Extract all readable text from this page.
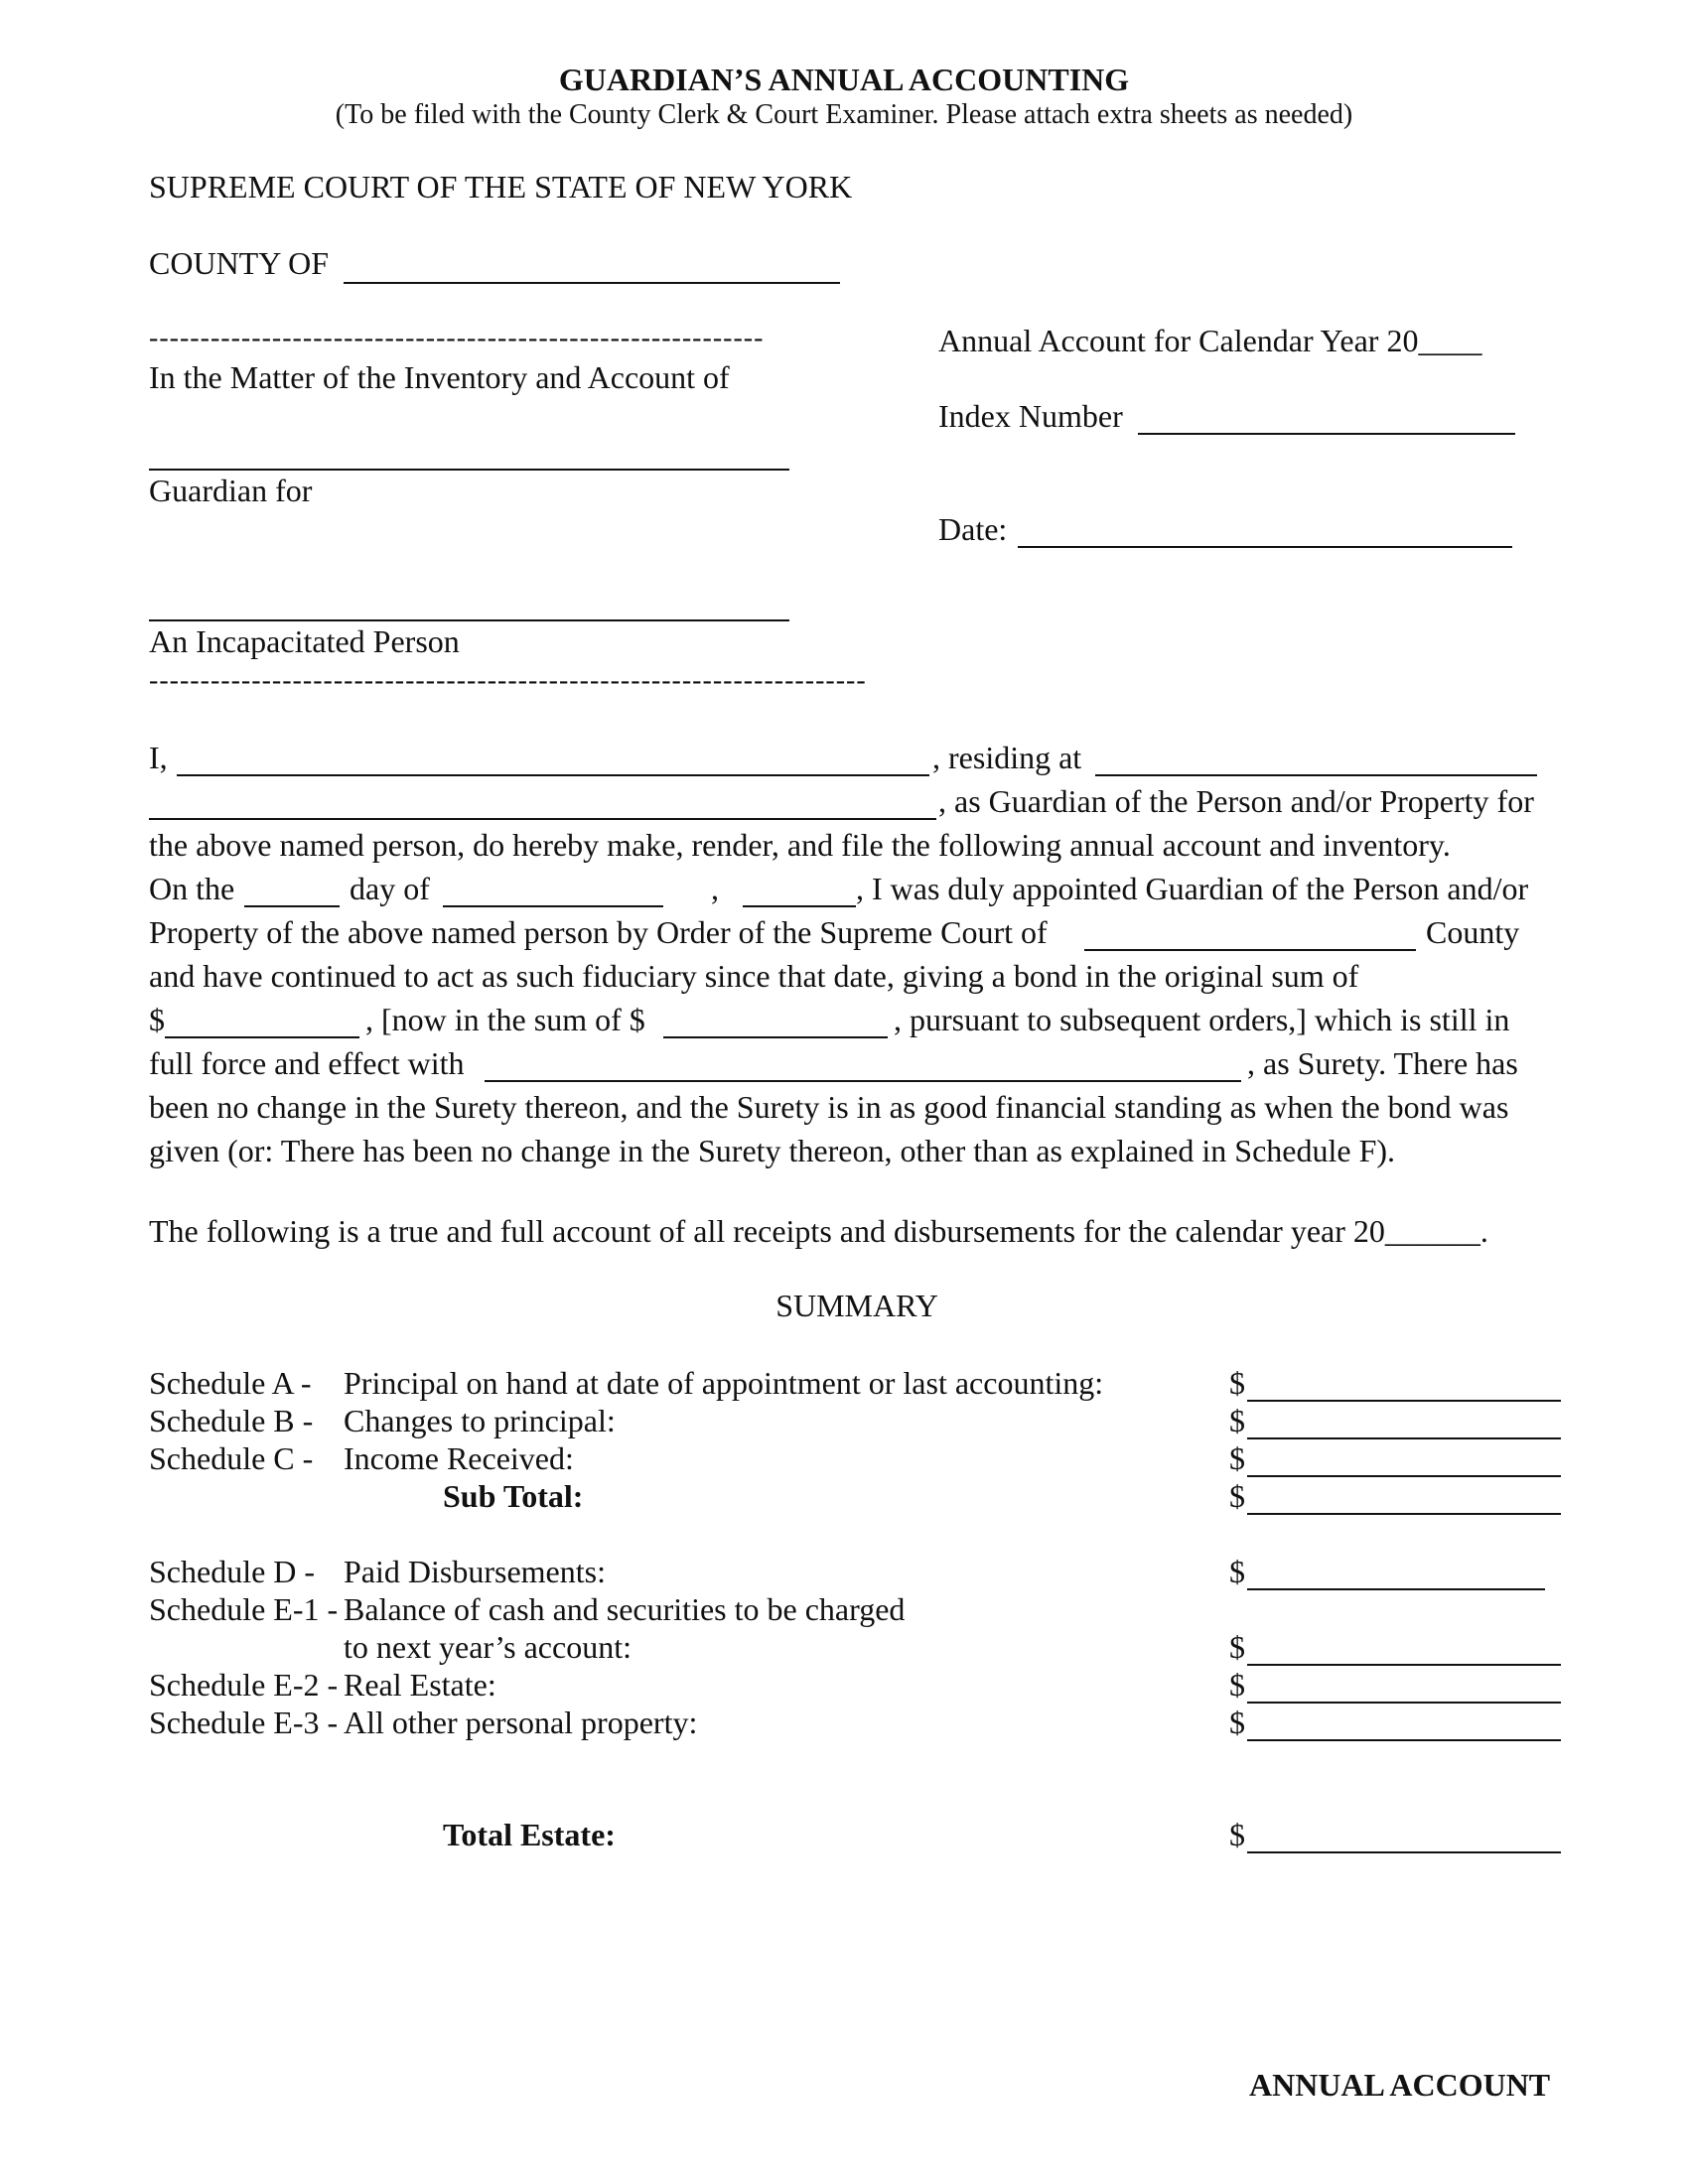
GUARDIAN’S ANNUAL ACCOUNTING
(To be filed with the County Clerk & Court Examiner. Please attach extra sheets as needed)
SUPREME COURT OF THE STATE OF NEW YORK
COUNTY OF
------------------------------------------------------------
In the Matter of the Inventory and Account of
Guardian for
An Incapacitated Person
----------------------------------------------------------------------
Annual Account for Calendar Year 20____
Index Number
Date:
I,	, residing at
, as Guardian of the Person and/or Property for
the above named person, do hereby make, render, and file the following annual account and inventory.
On the	day of	,	, I was duly appointed Guardian of the Person and/or
Property of the above named person by Order of the Supreme Court of	County
and have continued to act as such fiduciary since that date, giving a bond in the original sum of
$	, [now in the sum of $	, pursuant to subsequent orders,] which is still in
full force and effect with	, as Surety. There has
been no change in the Surety thereon, and the Surety is in as good financial standing as when the bond was
given (or: There has been no change in the Surety thereon, other than as explained in Schedule F).
The following is a true and full account of all receipts and disbursements for the calendar year 20______.
SUMMARY
Schedule A - Principal on hand at date of appointment or last accounting:	$
Schedule B - Changes to principal:	$
Schedule C - Income Received:	$
Sub Total:	$
Schedule D - Paid Disbursements:	$
Schedule E-1 - Balance of cash and securities to be charged
to next year’s account:	$
Schedule E-2 - Real Estate:	$
Schedule E-3 - All other personal property:	$
Total Estate:	$
ANNUAL ACCOUNT
